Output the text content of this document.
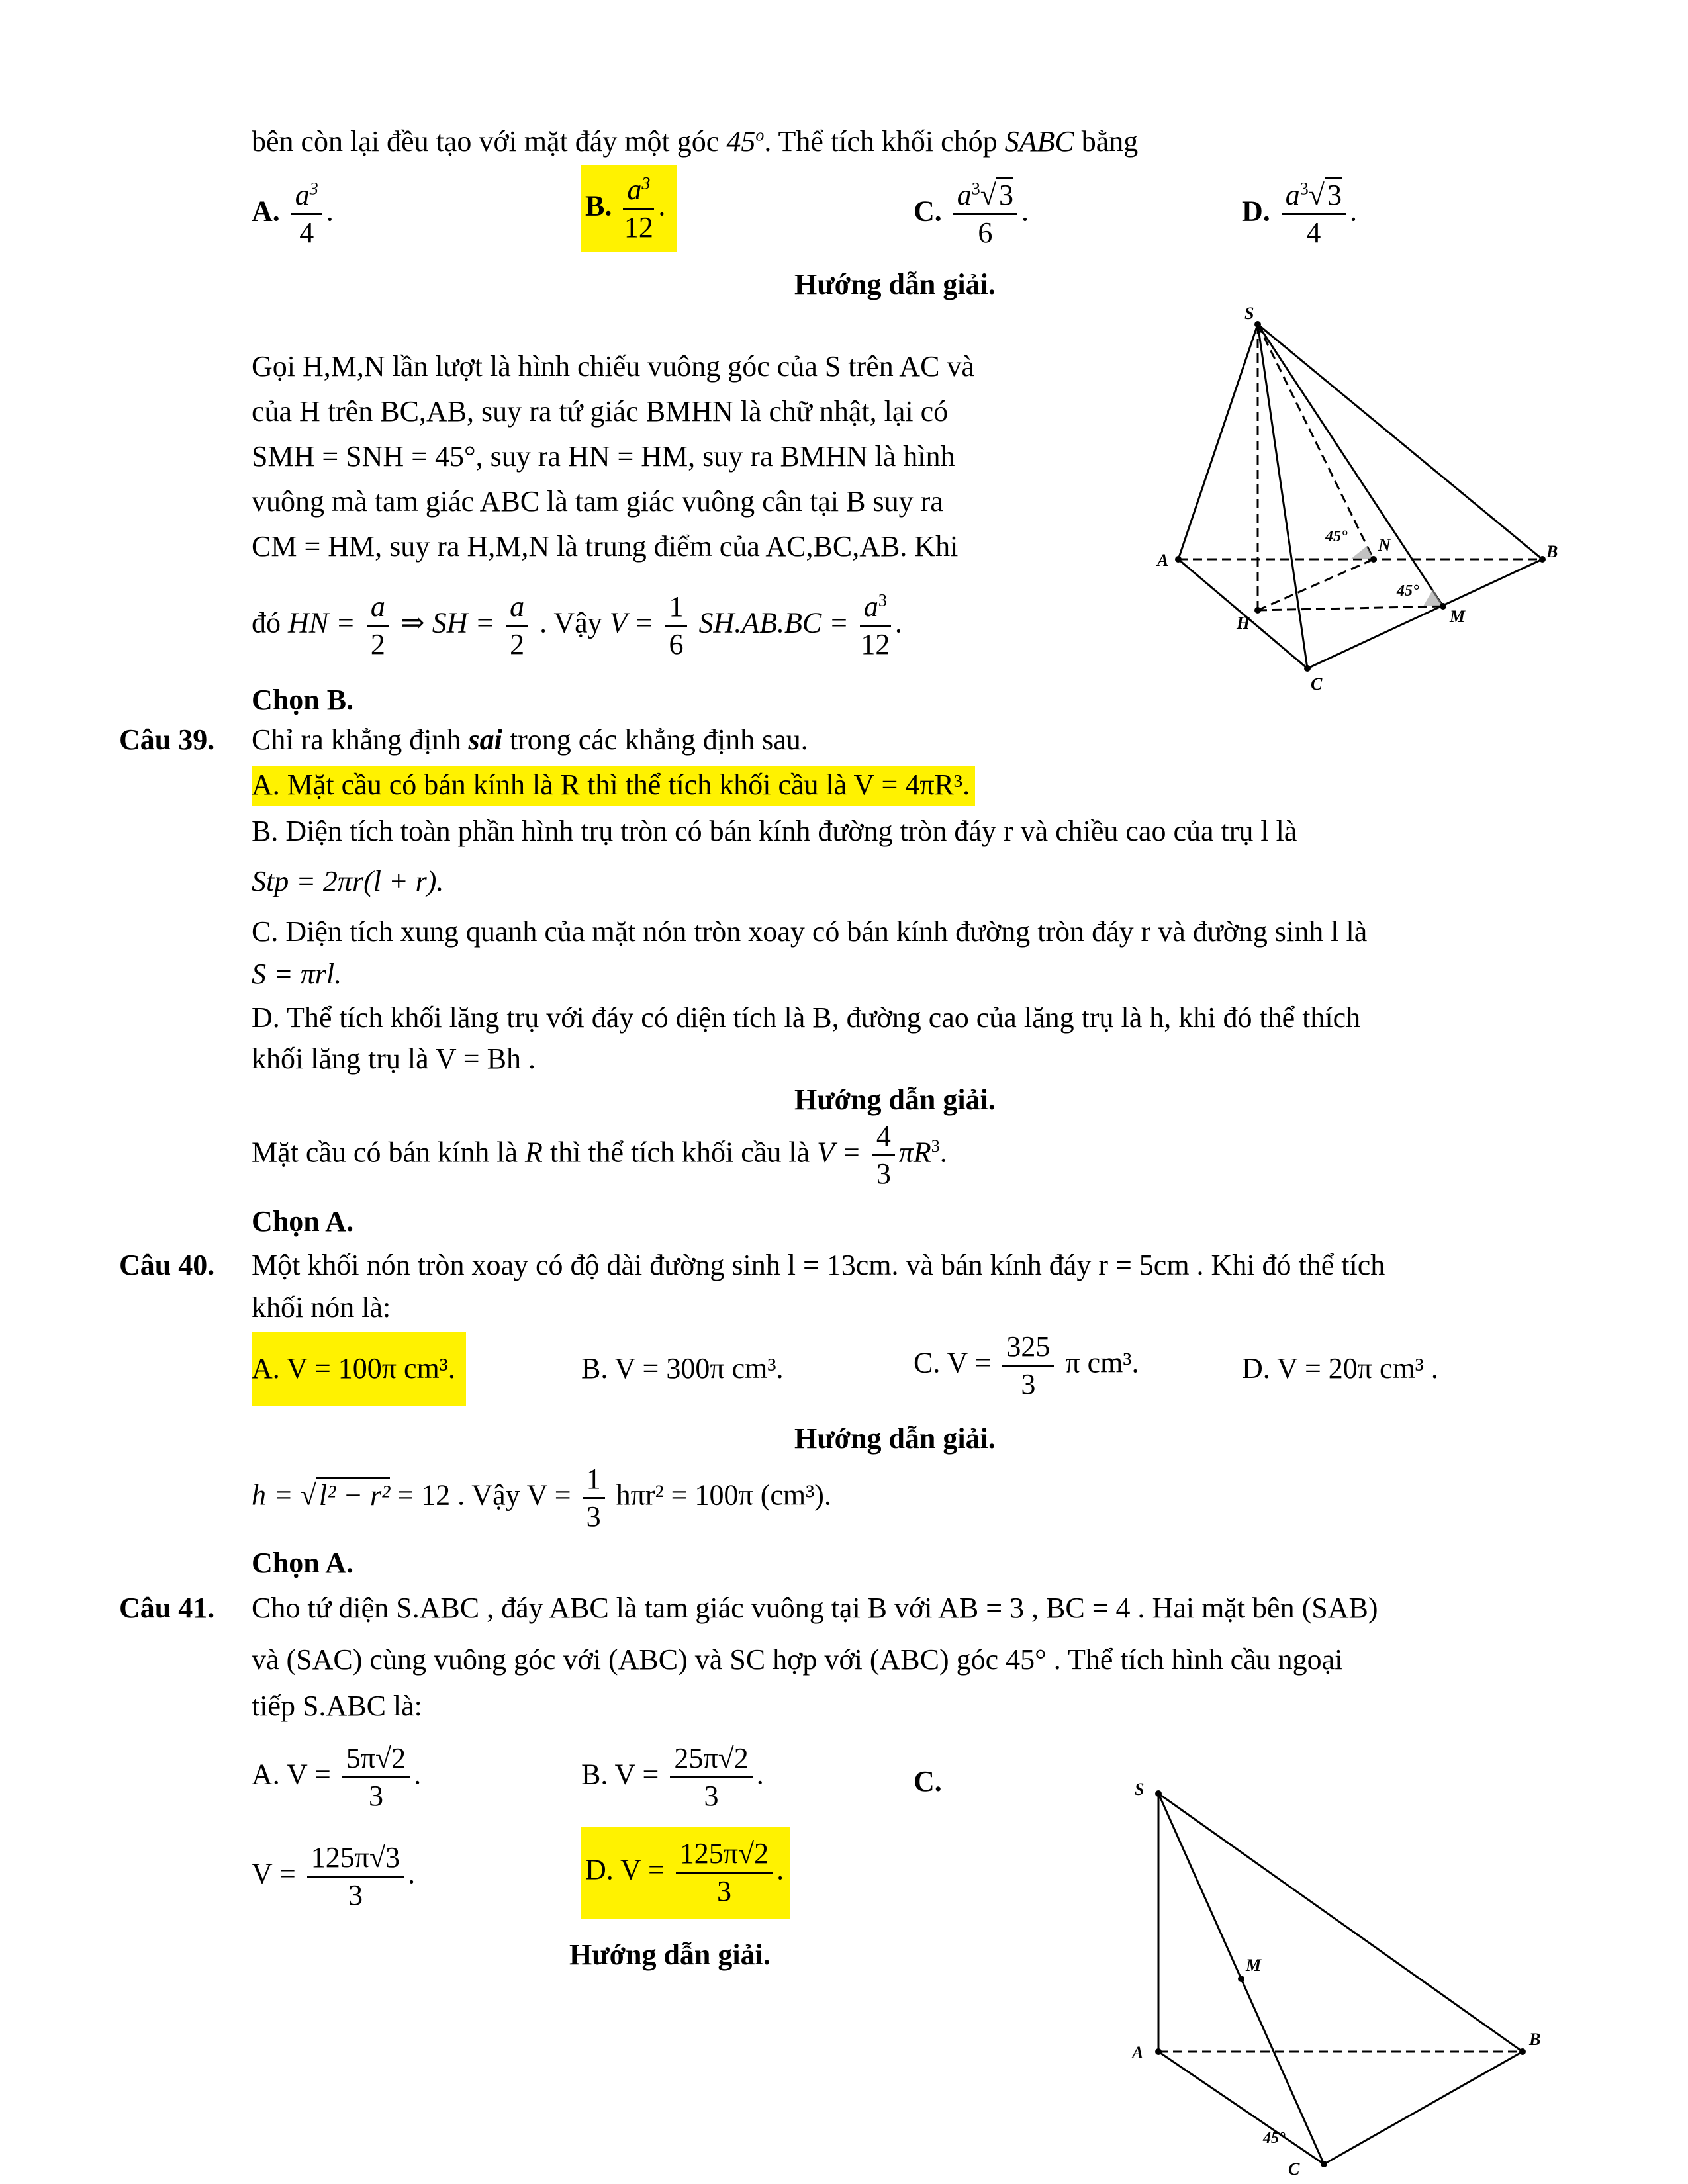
bên còn lại đều tạo với mặt đáy một góc 45$^o$. Thể tích khối chóp SABC bằng
A. $\frac{a^3}{4}$ .	B. $\frac{a^3}{12}$ .	C. $\frac{a^3√3}{6}$ .	D. $\frac{a^3√3}{4}$ .
Hướng dẫn giải.
Gọi H,M,N lần lượt là hình chiếu vuông góc của S trên AC và
của H trên BC,AB, suy ra tứ giác BMHN là chữ nhật, lại có
SMH = SNH = 45°, suy ra HN = HM, suy ra BMHN là hình
vuông mà tam giác ABC là tam giác vuông cân tại B suy ra
CM = HM, suy ra H,M,N là trung điểm của AC,BC,AB. Khi
đó HN = $\frac{a}{2}$ ⇒ SH = $\frac{a}{2}$ . Vậy $V = \frac{1}{6} SH.AB.BC = \frac{a^3}{12}$ .
Chọn B.
S
A	B
H
N
M
C
45°
45°
Câu 39. Chỉ ra khẳng định sai trong các khẳng định sau.
A. Mặt cầu có bán kính là R thì thể tích khối cầu là V = 4πR³.
B. Diện tích toàn phần hình trụ tròn có bán kính đường tròn đáy r và chiều cao của trụ l là
Stp = 2πr(l + r).
C. Diện tích xung quanh của mặt nón tròn xoay có bán kính đường tròn đáy r và đường sinh l là
S = πrl.
D. Thể tích khối lăng trụ với đáy có diện tích là B, đường cao của lăng trụ là h, khi đó thể thích
khối lăng trụ là V = Bh .
Hướng dẫn giải.
Mặt cầu có bán kính là R thì thể tích khối cầu là $V = \frac{4}{3} \pi R^3$.
Chọn A.
Câu 40. Một khối nón tròn xoay có độ dài đường sinh l = 13cm. và bán kính đáy r = 5cm . Khi đó thể tích
khối nón là:
A. V = 100π cm³.	B. V = 300π cm³.	C. $V = \frac{325}{3}$ π cm³.	D. V = 20π cm³ .
Hướng dẫn giải.
h = √l² − r² = 12 . Vậy $V = \frac{1}{3} h\pi r^2 = 100\pi$ (cm³).
Chọn A.
Câu 41. Cho tứ diện S.ABC , đáy ABC là tam giác vuông tại B với AB = 3 , BC = 4 . Hai mặt bên (SAB)
và (SAC) cùng vuông góc với (ABC) và SC hợp với (ABC) góc 45° . Thể tích hình cầu ngoại
tiếp S.ABC là:
A. $V = \frac{5\pi√2}{3}$ .	B. $V = \frac{25\pi√2}{3}$ .	C.
$V = \frac{125\pi√3}{3}$ .	D. $V = \frac{125\pi√2}{3}$ .
Hướng dẫn giải.
S
M
A
B
C
45°
